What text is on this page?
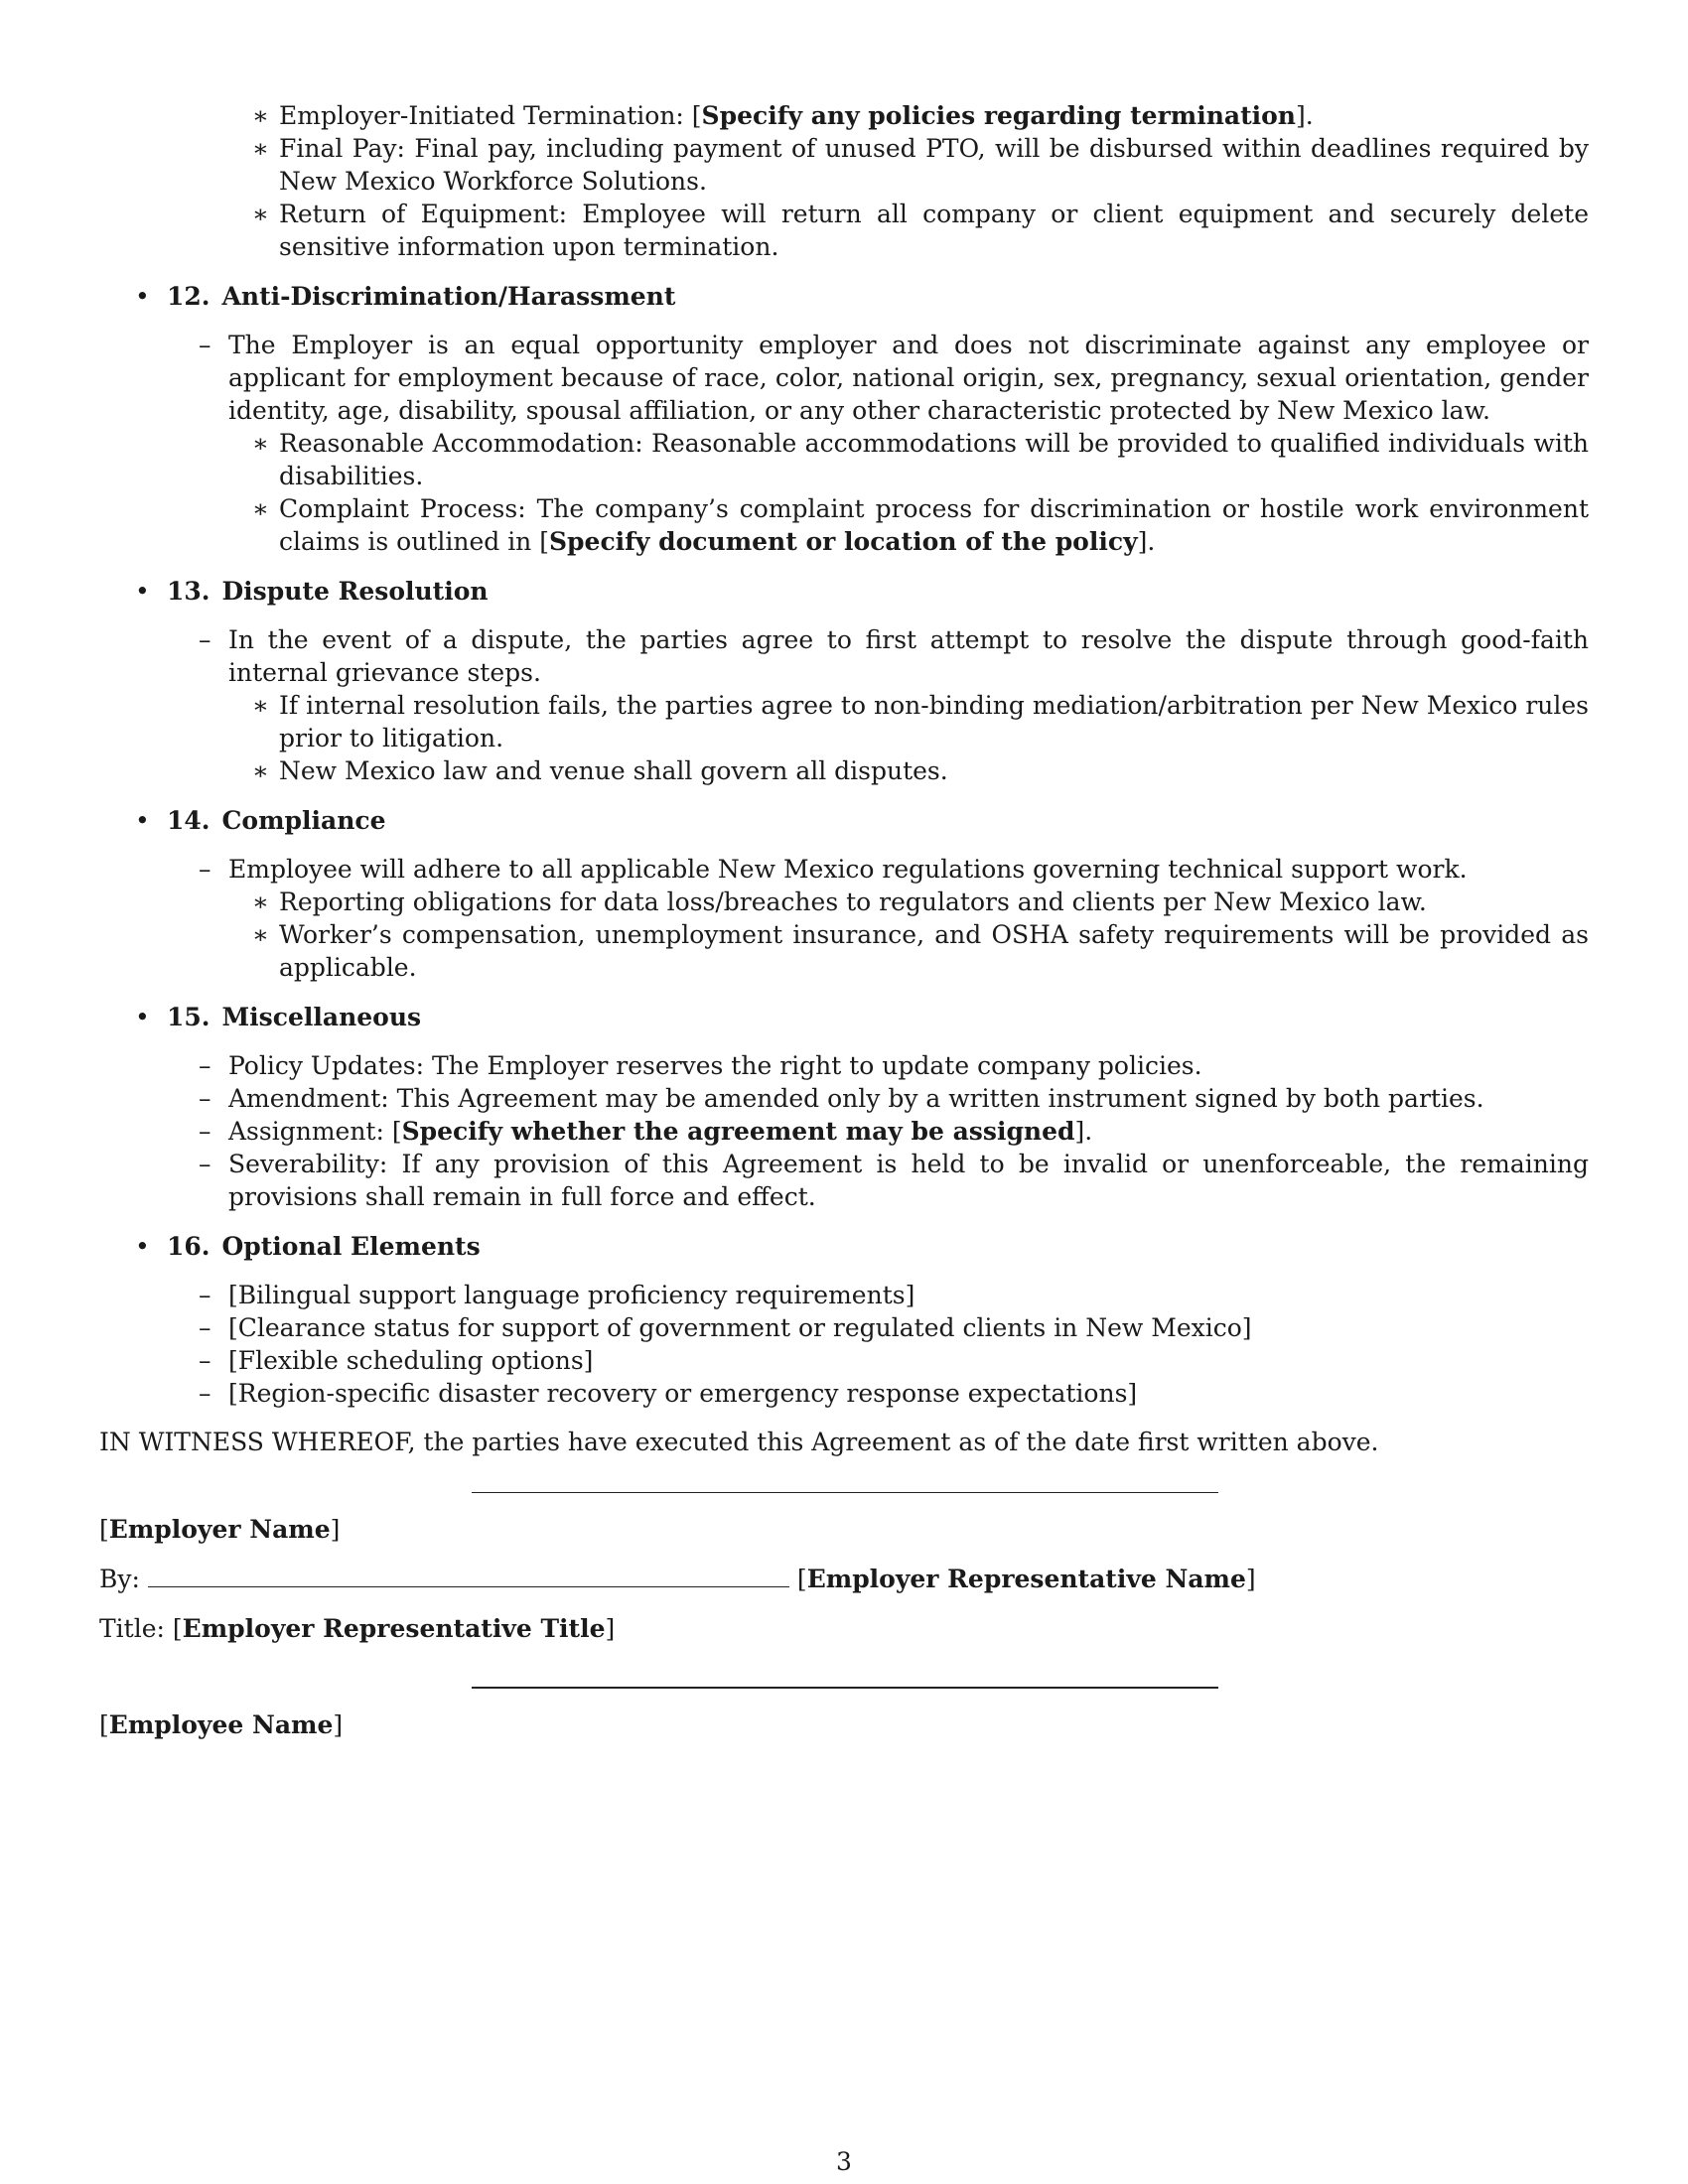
∗ Employer-Initiated Termination: [Specify any policies regarding termination].
∗ Final Pay: Final pay, including payment of unused PTO, will be disbursed within deadlines required by New Mexico Workforce Solutions.
∗ Return of Equipment: Employee will return all company or client equipment and securely delete sensitive information upon termination.
• 12. Anti-Discrimination/Harassment
– The Employer is an equal opportunity employer and does not discriminate against any employee or applicant for employment because of race, color, national origin, sex, pregnancy, sexual orientation, gender identity, age, disability, spousal affiliation, or any other characteristic protected by New Mexico law.
∗ Reasonable Accommodation: Reasonable accommodations will be provided to qualified individuals with disabilities.
∗ Complaint Process: The company’s complaint process for discrimination or hostile work environment claims is outlined in [Specify document or location of the policy].
• 13. Dispute Resolution
– In the event of a dispute, the parties agree to first attempt to resolve the dispute through good-faith internal grievance steps.
∗ If internal resolution fails, the parties agree to non-binding mediation/arbitration per New Mexico rules prior to litigation.
∗ New Mexico law and venue shall govern all disputes.
• 14. Compliance
– Employee will adhere to all applicable New Mexico regulations governing technical support work.
∗ Reporting obligations for data loss/breaches to regulators and clients per New Mexico law.
∗ Worker’s compensation, unemployment insurance, and OSHA safety requirements will be provided as applicable.
• 15. Miscellaneous
– Policy Updates: The Employer reserves the right to update company policies.
– Amendment: This Agreement may be amended only by a written instrument signed by both parties.
– Assignment: [Specify whether the agreement may be assigned].
– Severability: If any provision of this Agreement is held to be invalid or unenforceable, the remaining provisions shall remain in full force and effect.
• 16. Optional Elements
– [Bilingual support language proficiency requirements]
– [Clearance status for support of government or regulated clients in New Mexico]
– [Flexible scheduling options]
– [Region-specific disaster recovery or emergency response expectations]
IN WITNESS WHEREOF, the parties have executed this Agreement as of the date first written above.
[Employer Name]
By:	[Employer Representative Name]
Title: [Employer Representative Title]
[Employee Name]
3
